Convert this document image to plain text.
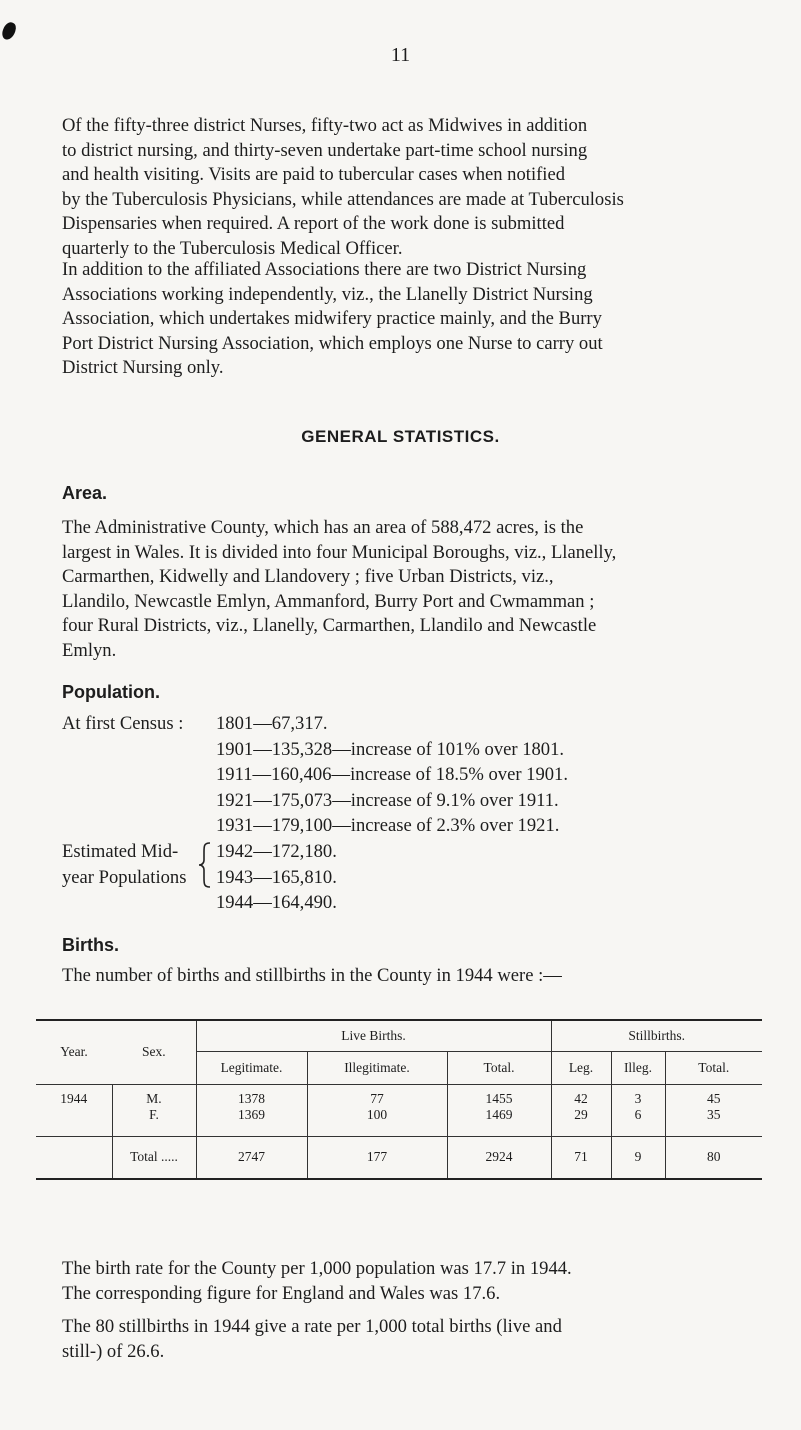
11
Of the fifty-three district Nurses, fifty-two act as Midwives in addition
to district nursing, and thirty-seven undertake part-time school nursing
and health visiting. Visits are paid to tubercular cases when notified
by the Tuberculosis Physicians, while attendances are made at Tuberculosis
Dispensaries when required. A report of the work done is submitted
quarterly to the Tuberculosis Medical Officer.
In addition to the affiliated Associations there are two District Nursing
Associations working independently, viz., the Llanelly District Nursing
Association, which undertakes midwifery practice mainly, and the Burry
Port District Nursing Association, which employs one Nurse to carry out
District Nursing only.
GENERAL STATISTICS.
Area.
The Administrative County, which has an area of 588,472 acres, is the
largest in Wales. It is divided into four Municipal Boroughs, viz., Llanelly,
Carmarthen, Kidwelly and Llandovery ; five Urban Districts, viz.,
Llandilo, Newcastle Emlyn, Ammanford, Burry Port and Cwmamman ;
four Rural Districts, viz., Llanelly, Carmarthen, Llandilo and Newcastle
Emlyn.
Population.
At first Census : 1801—67,317.
1901—135,328—increase of 101% over 1801.
1911—160,406—increase of 18.5% over 1901.
1921—175,073—increase of 9.1% over 1911.
1931—179,100—increase of 2.3% over 1921.
Estimated Mid- 1942—172,180.
year Populations 1943—165,810.
1944—164,490.
Births.
The number of births and stillbirths in the County in 1944 were :—
Year.	Sex.	Live Births.			Stillbirths.		
		Legitimate.	Illegitimate.	Total.	Leg.	Illeg.	Total.
1944	M.	1378	77	1455	42	3	45
	F.	1369	100	1469	29	6	35
	Total .....	2747	177	2924	71	9	80
The birth rate for the County per 1,000 population was 17.7 in 1944.
The corresponding figure for England and Wales was 17.6.
The 80 stillbirths in 1944 give a rate per 1,000 total births (live and
still-) of 26.6.
